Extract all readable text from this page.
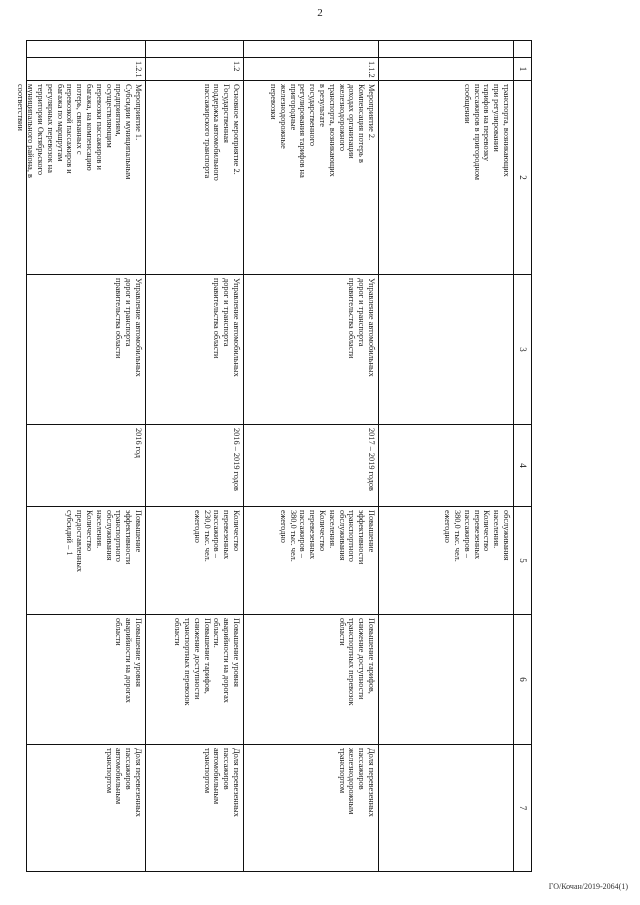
2
1
2
3
4
5
6
7
транспорта, возникающих
при регулировании
тарифов на перевозку
пассажиров в пригородном
сообщении
обслуживания
населения.
Количество
перевезенных
пассажиров –
380,0 тыс. чел.
ежегодно
1.1.2
Мероприятие 2.
Компенсация потерь в
доходах организации
железнодорожного
транспорта, возникающих
в результате
государственного
регулирования тарифов на
пригородные
железнодорожные
перевозки
Управление автомобильных
дорог и транспорта
правительства области
2017 – 2019 годов
Повышение
эффективности
транспортного
обслуживания
населения.
Количество
перевезенных
пассажиров –
380,0 тыс. чел.
ежегодно
Повышение тарифов,
снижение доступности
транспортных перевозок
области
Доля перевезенных
пассажиров
железнодорожным
транспортом
1.2
Основное мероприятие 2.
Государственная
поддержка автомобильного
пассажирского транспорта
Управление автомобильных
дорог и транспорта
правительства области
2016 – 2019 годов
Количество
перевезенных
пассажиров –
230,0 тыс. чел.
ежегодно
Повышение уровня
аварийности на дорогах
области.
Повышение тарифов,
снижение доступности
транспортных перевозок
области
Доля перевезенных
пассажиров
автомобильным
транспортом
1.2.1
Мероприятие 1.
Субсидии муниципальным
предприятиям,
осуществляющим
перевозки пассажиров и
багажа, на компенсацию
потерь, связанных с
перевозкой пассажиров и
багажа по маршрутам
регулярных перевозок на
территории Октябрьского
муниципального района, в
соответствии
Управление автомобильных
дорог и транспорта
правительства области
2016 год
Повышение
эффективности
транспортного
обслуживания
населения.
Количество
предоставленных
субсидий – 1
Повышение уровня
аварийности на дорогах
области
Доля перевезенных
пассажиров
автомобильным
транспортом
ГО/Кочан/2019-2064(1)
